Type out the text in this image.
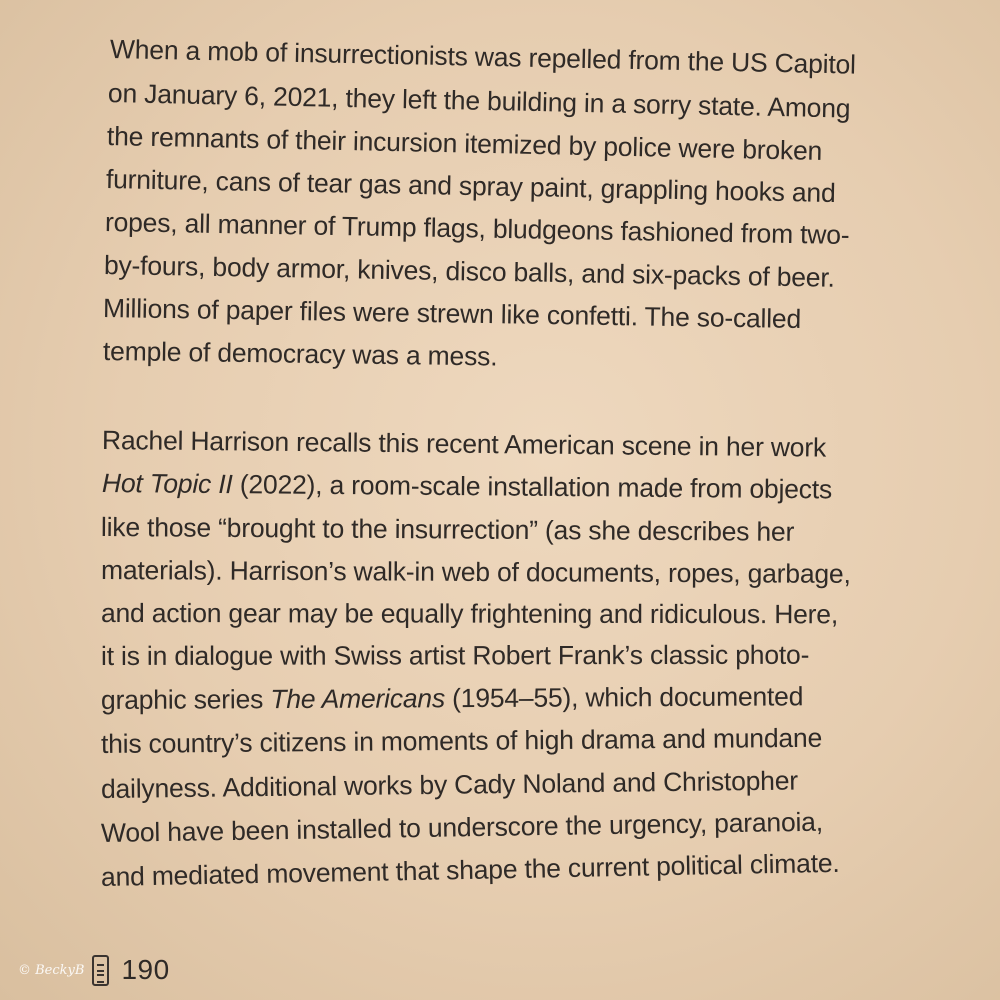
When a mob of insurrectionists was repelled from the US Capitol
on January 6, 2021, they left the building in a sorry state. Among
the remnants of their incursion itemized by police were broken
furniture, cans of tear gas and spray paint, grappling hooks and
ropes, all manner of Trump flags, bludgeons fashioned from two-
by-fours, body armor, knives, disco balls, and six-packs of beer.
Millions of paper files were strewn like confetti. The so-called
temple of democracy was a mess.
Rachel Harrison recalls this recent American scene in her work
Hot Topic II (2022), a room-scale installation made from objects
like those “brought to the insurrection” (as she describes her
materials). Harrison’s walk-in web of documents, ropes, garbage,
and action gear may be equally frightening and ridiculous. Here,
it is in dialogue with Swiss artist Robert Frank’s classic photo-
graphic series The Americans (1954–55), which documented
this country’s citizens in moments of high drama and mundane
dailyness. Additional works by Cady Noland and Christopher
Wool have been installed to underscore the urgency, paranoia,
and mediated movement that shape the current political climate.
© BeckyB 190
